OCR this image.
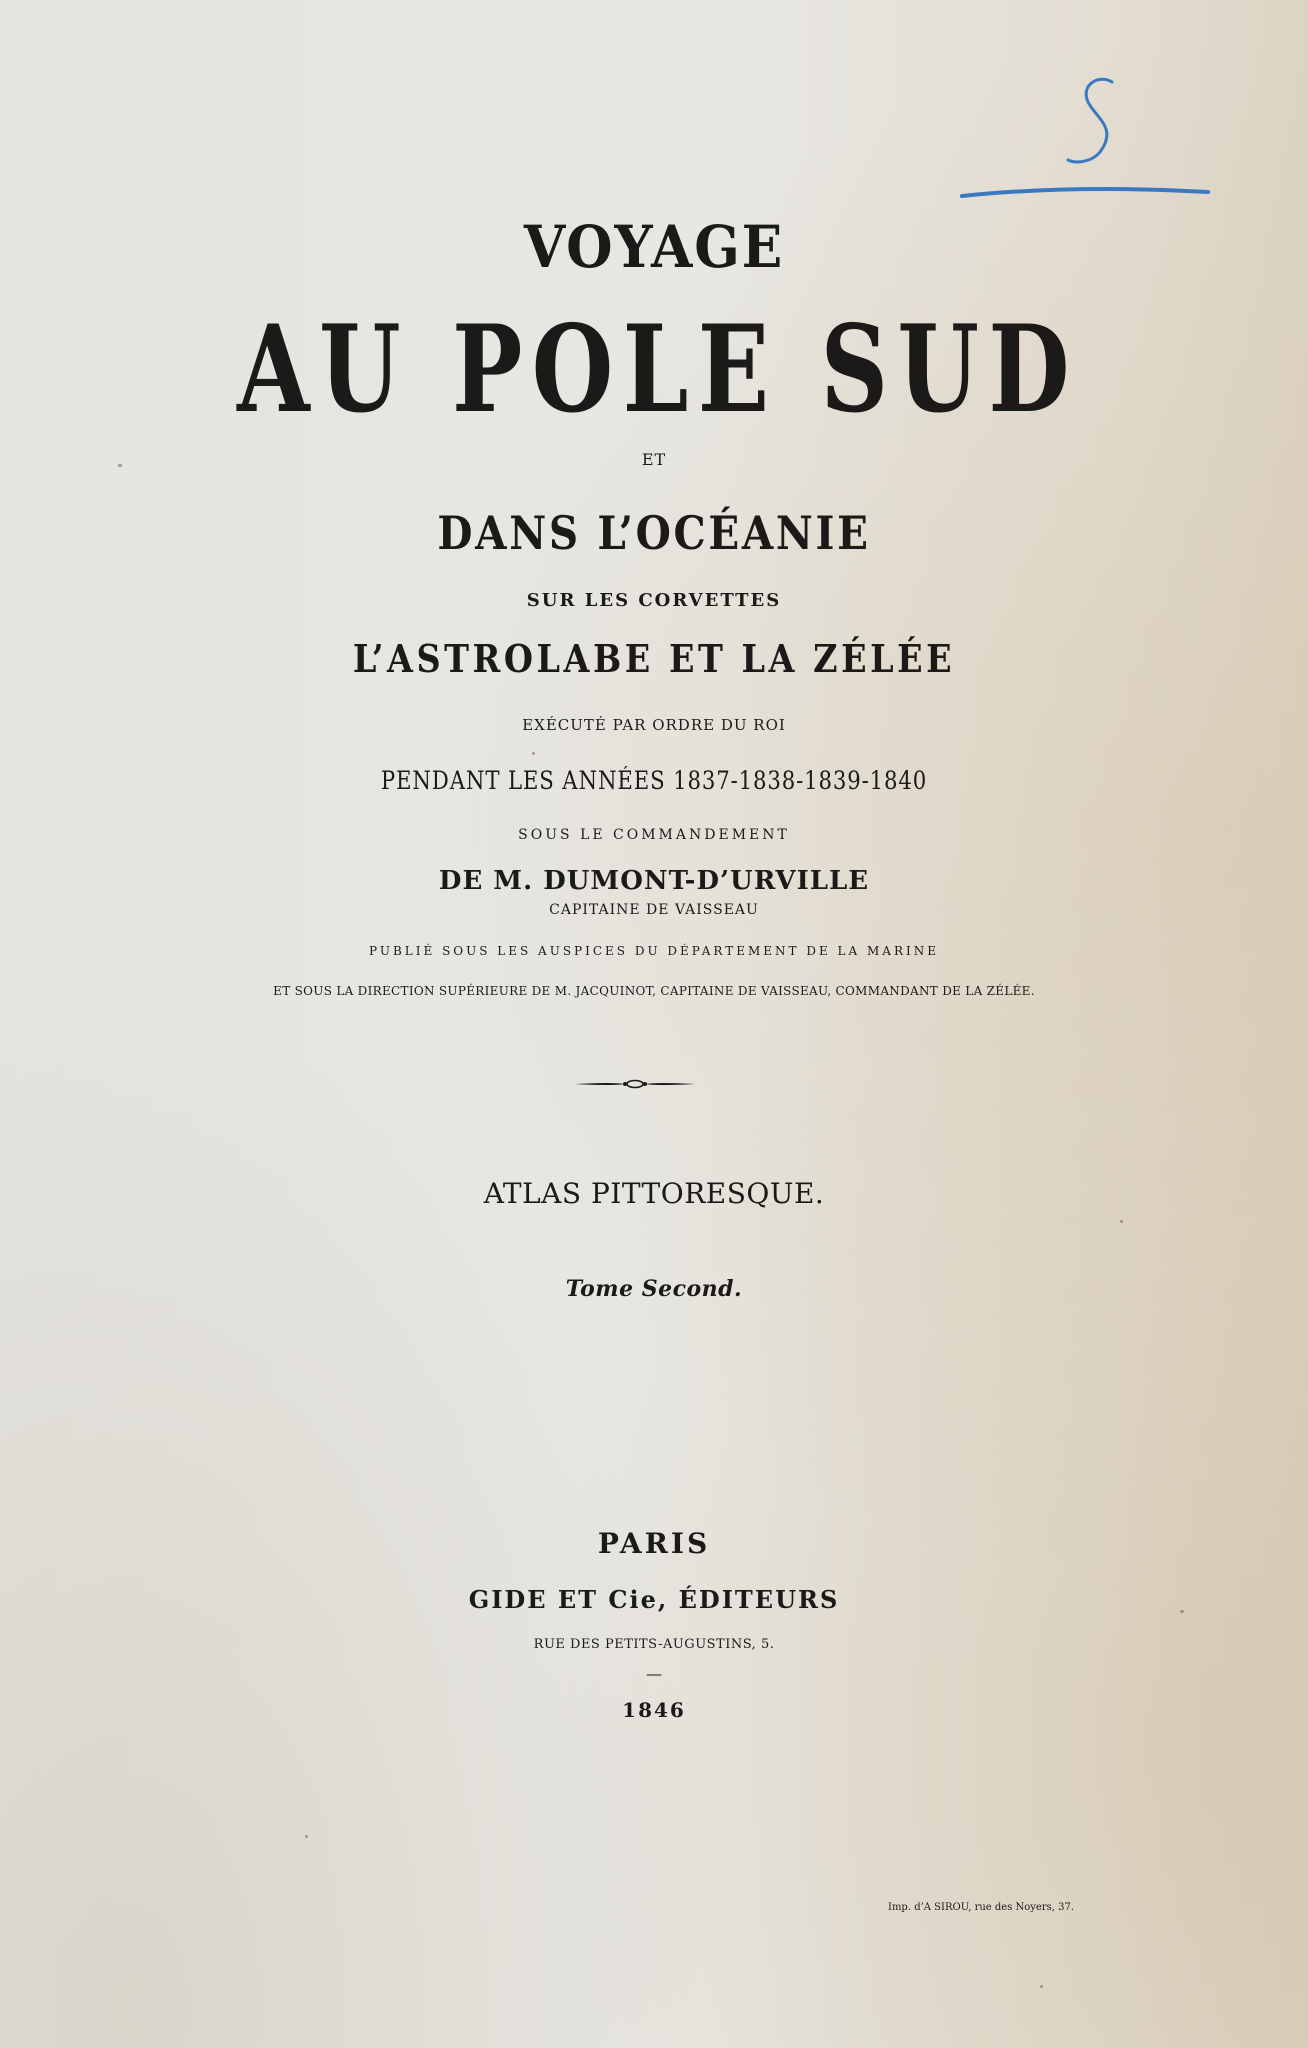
VOYAGE
AU POLE SUD
ET
DANS L’OCÉANIE
SUR LES CORVETTES
L’ASTROLABE ET LA ZÉLÉE
EXÉCUTÉ PAR ORDRE DU ROI
PENDANT LES ANNÉES 1837-1838-1839-1840
SOUS LE COMMANDEMENT
DE M. DUMONT-D’URVILLE
CAPITAINE DE VAISSEAU
PUBLIÉ SOUS LES AUSPICES DU DÉPARTEMENT DE LA MARINE
ET SOUS LA DIRECTION SUPÉRIEURE DE M. JACQUINOT, CAPITAINE DE VAISSEAU, COMMANDANT DE LA ZÉLÉE.
ATLAS PITTORESQUE.
Tome Second.
PARIS
GIDE ET Cie, ÉDITEURS
RUE DES PETITS-AUGUSTINS, 5.
—
1846
Imp. d’A SIROU, rue des Noyers, 37.
